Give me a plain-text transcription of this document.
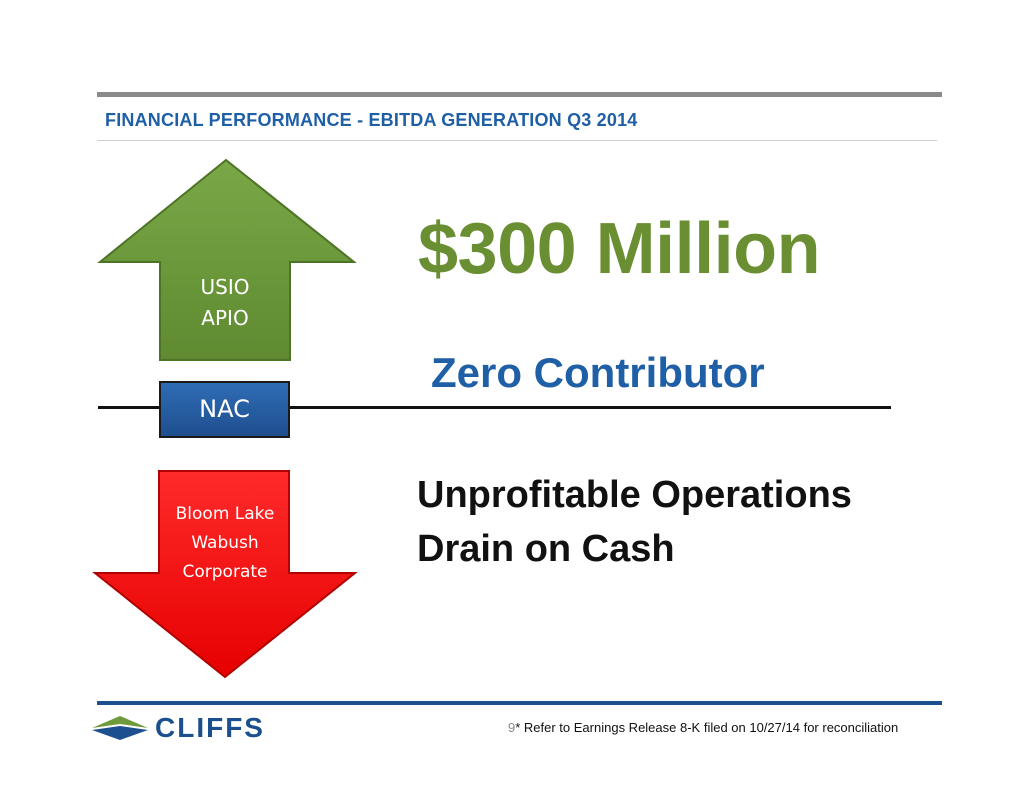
FINANCIAL PERFORMANCE - EBITDA GENERATION Q3 2014
USIO
APIO
NAC
Bloom Lake
Wabush
Corporate
$300 Million
Zero Contributor
Unprofitable Operations
Drain on Cash
CLIFFS	9* Refer to Earnings Release 8-K filed on 10/27/14 for reconciliation
